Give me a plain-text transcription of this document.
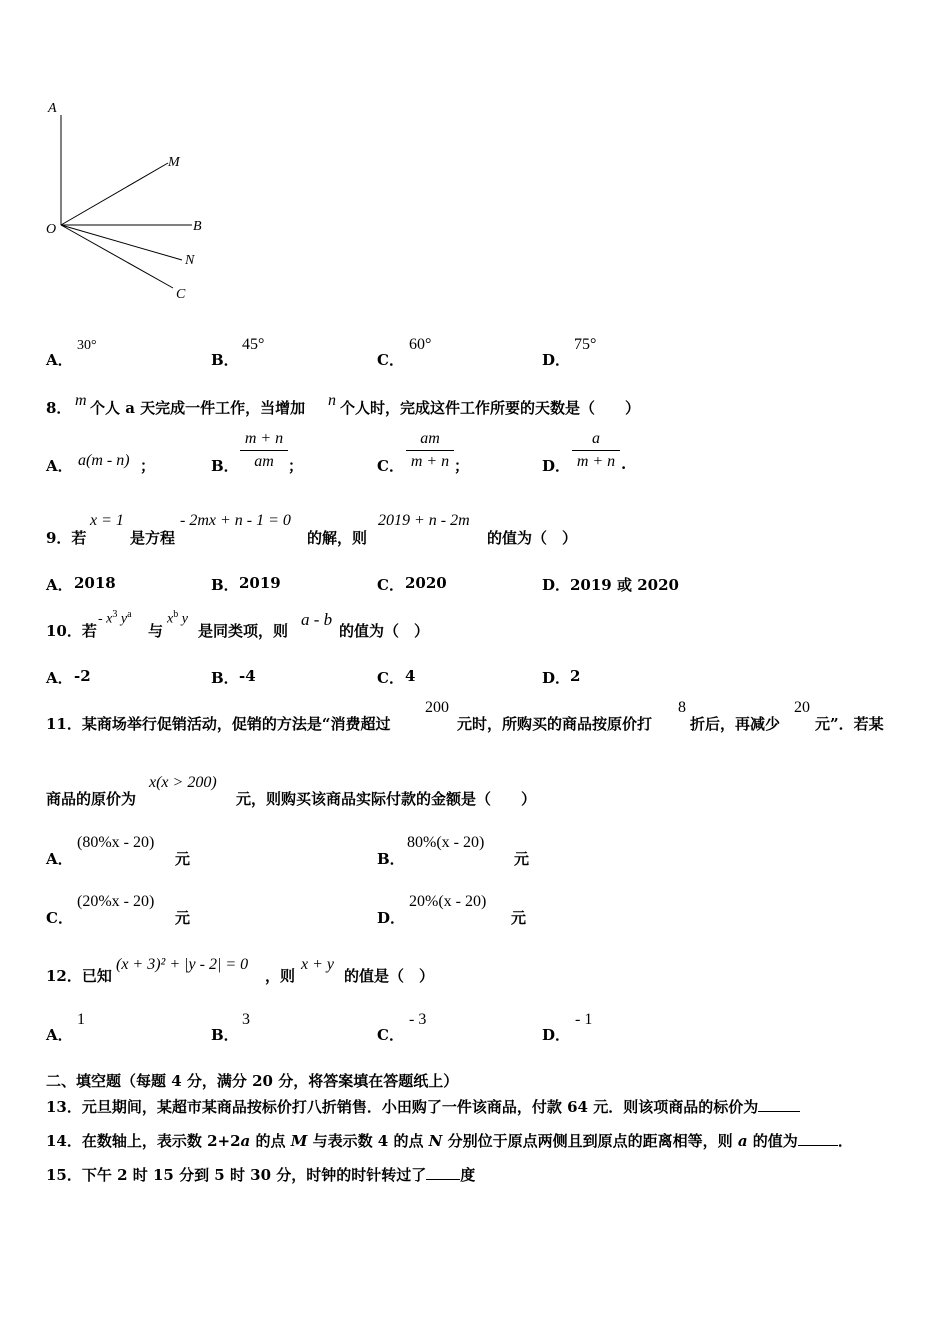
A
M
O	B
N
C
A．
30°
B．
45°
C．
60°
D．
75°
8． m 个人 a 天完成一件工作，当增加 n 个人时，完成这件工作所要的天数是（　　）
A． a(m - n) ；	B． $\frac{m + n}{am}$ ；	C． $\frac{am}{m + n}$ ；	D． $\frac{a}{m + n}$ .
9．若
x = 1
是方程
- 2mx + n - 1 = 0
的解，则
2019 + n - 2m
的值为（　）
A． 2018	B． 2019	C． 2020	D． 2019 或 2020
10．若
- $x^3$ $y^a$
与
$x^b$ y
是同类项，则
a - b
的值为（　）
A． -2	B． -4	C． 4	D． 2
11．某商场举行促销活动，促销的方法是“消费超过
200
元时，所购买的商品按原价打
8
折后，再减少
20
元”．若某
商品的原价为
x(x > 200)
元，则购买该商品实际付款的金额是（　　）
A．
(80%x - 20)
元	B．
80%(x - 20)
元
C．
(20%x - 20)
元	D．
20%(x - 20)
元
12．已知
(x + 3)² + |y - 2| = 0
，则
x + y
的值是（　）
A．
1
B．
3
C．
- 3
D．
- 1
二、填空题（每题 4 分，满分 20 分，将答案填在答题纸上）
13．元旦期间，某超市某商品按标价打八折销售．小田购了一件该商品，付款 64 元．则该项商品的标价为
14．在数轴上，表示数 2+2a 的点 M 与表示数 4 的点 N 分别位于原点两侧且到原点的距离相等，则 a 的值为	．
15．下午 2 时 15 分到 5 时 30 分，时钟的时针转过了 度
